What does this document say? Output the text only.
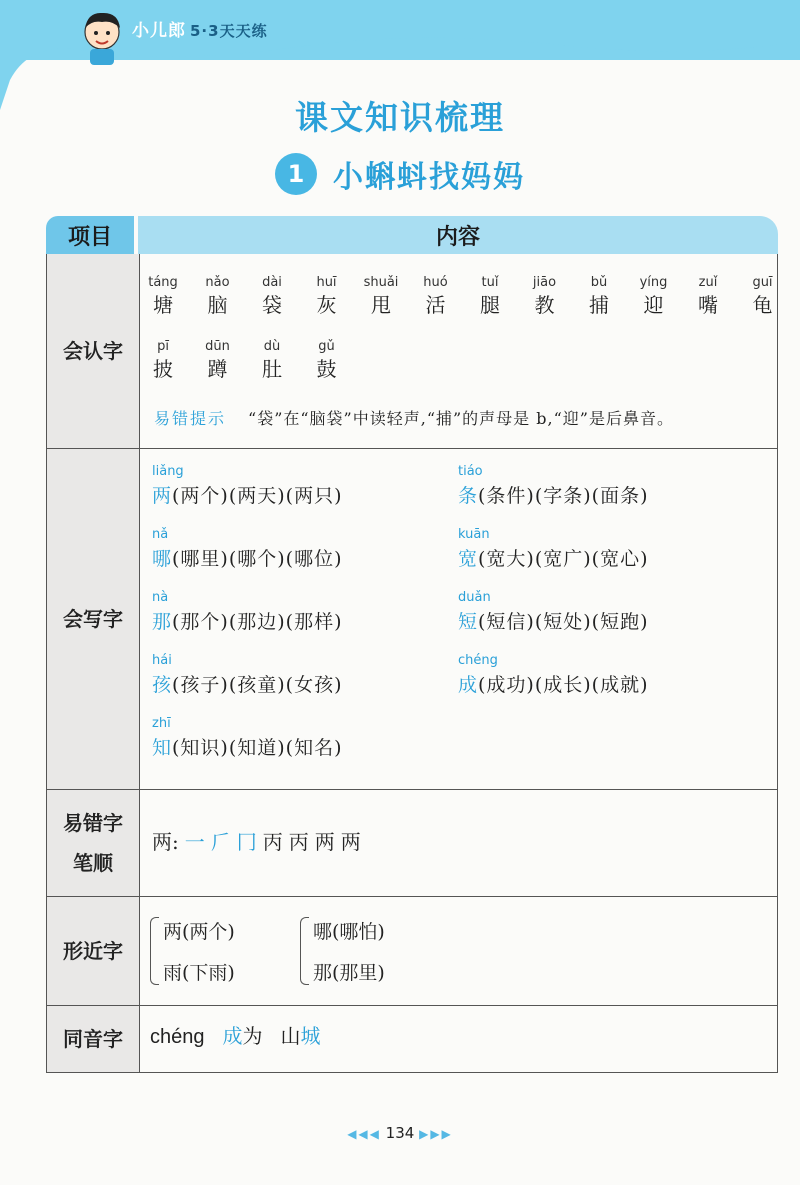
小儿郎 5·3天天练
课文知识梳理
1 小蝌蚪找妈妈
项目	内容
会认字
易错提示 “袋”在“脑袋”中读轻声,“捕”的声母是 b,“迎”是后鼻音。
táng
塘
nǎo
脑
dài
袋
huī
灰
shuǎi
甩
huó
活
tuǐ
腿
jiāo
教
bǔ
捕
yíng
迎
zuǐ
嘴
guī
龟
pī
披
dūn
蹲
dù
肚
gǔ
鼓
会写字
liǎng
两(两个)(两天)(两只)
tiáo
条(条件)(字条)(面条)
nǎ
哪(哪里)(哪个)(哪位)
kuān
宽(宽大)(宽广)(宽心)
nà
那(那个)(那边)(那样)
duǎn
短(短信)(短处)(短跑)
hái
孩(孩子)(孩童)(女孩)
chéng
成(成功)(成长)(成就)
zhī
知(知识)(知道)(知名)
易错字
笔顺
两: 一 𠂆 冂 丙 丙 两 两
形近字
两(两个)
雨(下雨)
哪(哪怕)
那(那里)
同音字	chéng 成为 山城
◀◀◀ 134 ▶▶▶
